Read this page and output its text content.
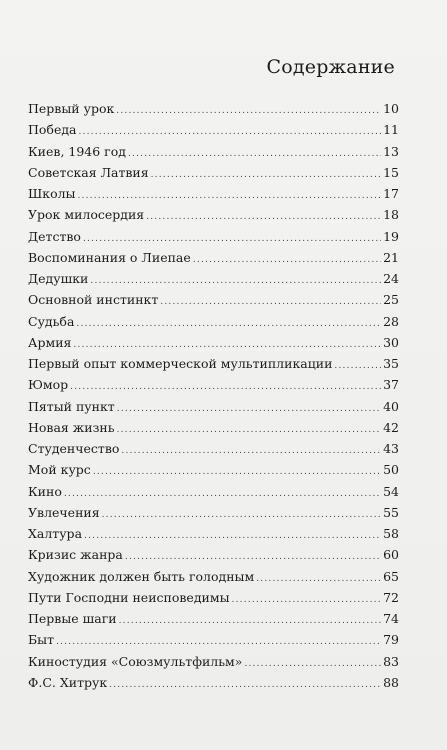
Содержание
Первый урок .....	10
Победа .....	11
Киев, 1946 год .....	13
Советская Латвия .....	15
Школы .....	17
Урок милосердия .....	18
Детство .....	19
Воспоминания о Лиепае .....	21
Дедушки .....	24
Основной инстинкт .....	25
Судьба .....	28
Армия .....	30
Первый опыт коммерческой мультипликации .....	35
Юмор .....	37
Пятый пункт .....	40
Новая жизнь .....	42
Студенчество .....	43
Мой курс .....	50
Кино .....	54
Увлечения .....	55
Халтура .....	58
Кризис жанра .....	60
Художник должен быть голодным .....	65
Пути Господни неисповедимы .....	72
Первые шаги .....	74
Быт .....	79
Киностудия «Союзмультфильм» .....	83
Ф.С. Хитрук .....	88
